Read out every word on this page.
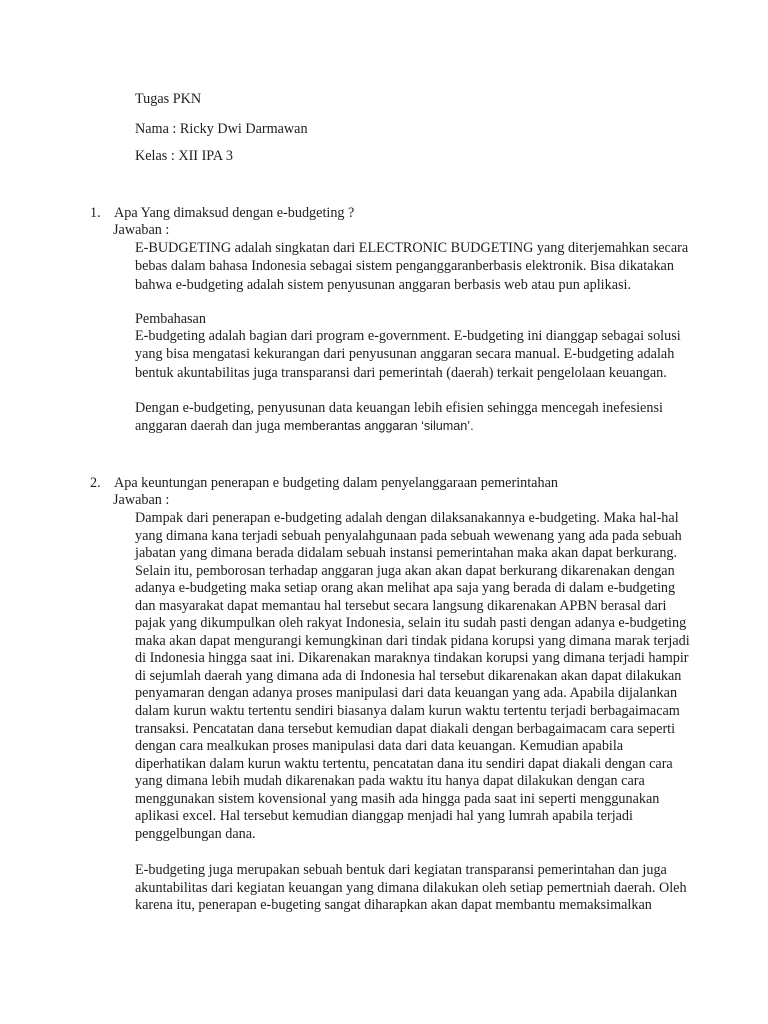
Tugas PKN

Nama : Ricky Dwi Darmawan

Kelas : XII IPA 3

1. Apa Yang dimaksud dengan e-budgeting ?

Jawaban :

E-BUDGETING adalah singkatan dari ELECTRONIC BUDGETING yang diterjemahkan secara
bebas dalam bahasa Indonesia sebagai sistem penganggaranberbasis elektronik. Bisa dikatakan
bahwa e-budgeting adalah sistem penyusunan anggaran berbasis web atau pun aplikasi.

Pembahasan

E-budgeting adalah bagian dari program e-government. E-budgeting ini dianggap sebagai solusi
yang bisa mengatasi kekurangan dari penyusunan anggaran secara manual. E-budgeting adalah
bentuk akuntabilitas juga transparansi dari pemerintah (daerah) terkait pengelolaan keuangan.
Dengan e-budgeting, penyusunan data keuangan lebih efisien sehingga mencegah inefesiensi
anggaran daerah dan juga memberantas anggaran ‘siluman’.

2. Apa keuntungan penerapan e budgeting dalam penyelanggaraan pemerintahan

Jawaban :

Dampak dari penerapan e-budgeting adalah dengan dilaksanakannya e-budgeting. Maka hal-hal
yang dimana kana terjadi sebuah penyalahgunaan pada sebuah wewenang yang ada pada sebuah
jabatan yang dimana berada didalam sebuah instansi pemerintahan maka akan dapat berkurang.
Selain itu, pemborosan terhadap anggaran juga akan akan dapat berkurang dikarenakan dengan
adanya e-budgeting maka setiap orang akan melihat apa saja yang berada di dalam e-budgeting
dan masyarakat dapat memantau hal tersebut secara langsung dikarenakan APBN berasal dari
pajak yang dikumpulkan oleh rakyat Indonesia, selain itu sudah pasti dengan adanya e-budgeting
maka akan dapat mengurangi kemungkinan dari tindak pidana korupsi yang dimana marak terjadi
di Indonesia hingga saat ini. Dikarenakan maraknya tindakan korupsi yang dimana terjadi hampir
di sejumlah daerah yang dimana ada di Indonesia hal tersebut dikarenakan akan dapat dilakukan
penyamaran dengan adanya proses manipulasi dari data keuangan yang ada. Apabila dijalankan
dalam kurun waktu tertentu sendiri biasanya dalam kurun waktu tertentu terjadi berbagaimacam
transaksi. Pencatatan dana tersebut kemudian dapat diakali dengan berbagaimacam cara seperti
dengan cara mealkukan proses manipulasi data dari data keuangan. Kemudian apabila
diperhatikan dalam kurun waktu tertentu, pencatatan dana itu sendiri dapat diakali dengan cara
yang dimana lebih mudah dikarenakan pada waktu itu hanya dapat dilakukan dengan cara
menggunakan sistem kovensional yang masih ada hingga pada saat ini seperti menggunakan
aplikasi excel. Hal tersebut kemudian dianggap menjadi hal yang lumrah apabila terjadi
penggelbungan dana.
E-budgeting juga merupakan sebuah bentuk dari kegiatan transparansi pemerintahan dan juga
akuntabilitas dari kegiatan keuangan yang dimana dilakukan oleh setiap pemertniah daerah. Oleh
karena itu, penerapan e-bugeting sangat diharapkan akan dapat membantu memaksimalkan
